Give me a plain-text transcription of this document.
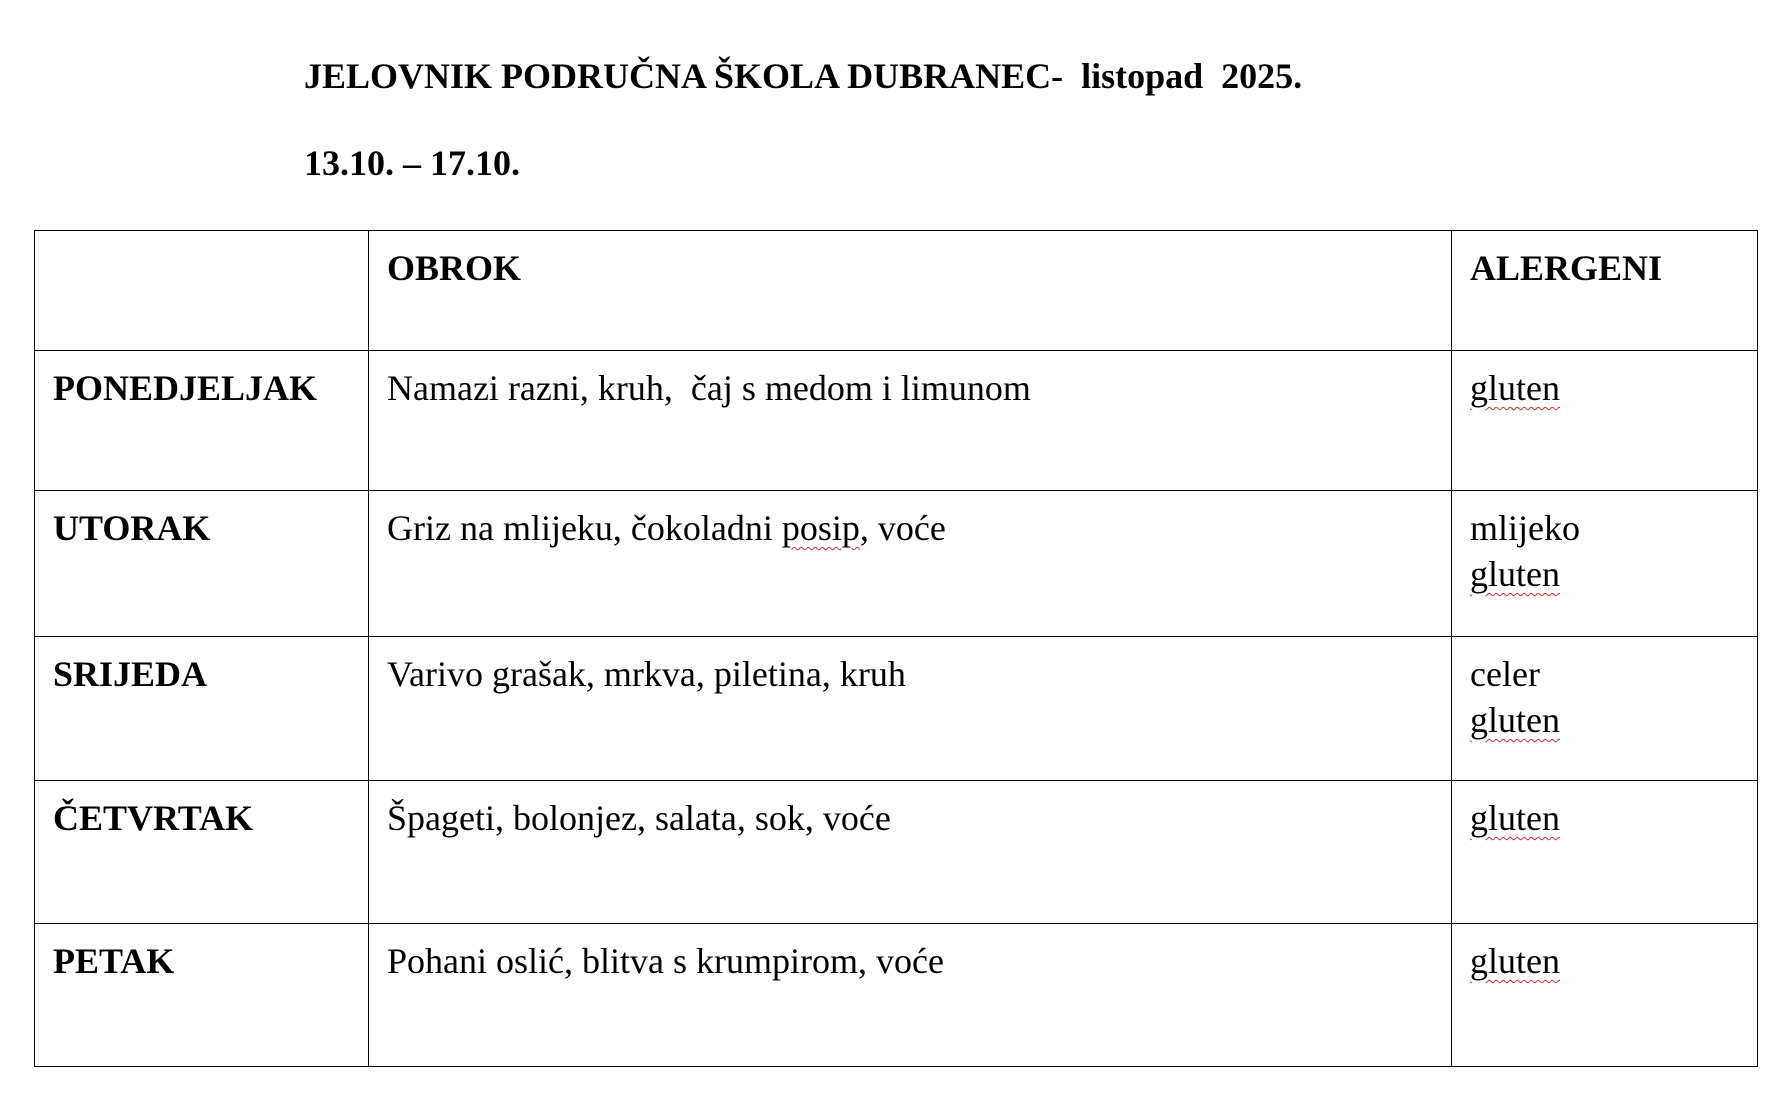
JELOVNIK PODRUČNA ŠKOLA DUBRANEC-  listopad  2025.
13.10. – 17.10.
	OBROK	ALERGENI
PONEDJELJAK	Namazi razni, kruh,  čaj s medom i limunom	gluten

UTORAK	Griz na mlijeku, čokoladni posip, voće	mlijeko
gluten

SRIJEDA	Varivo grašak, mrkva, piletina, kruh	celer
gluten

ČETVRTAK	Špageti, bolonjez, salata, sok, voće	gluten

PETAK	Pohani oslić, blitva s krumpirom, voće	gluten
